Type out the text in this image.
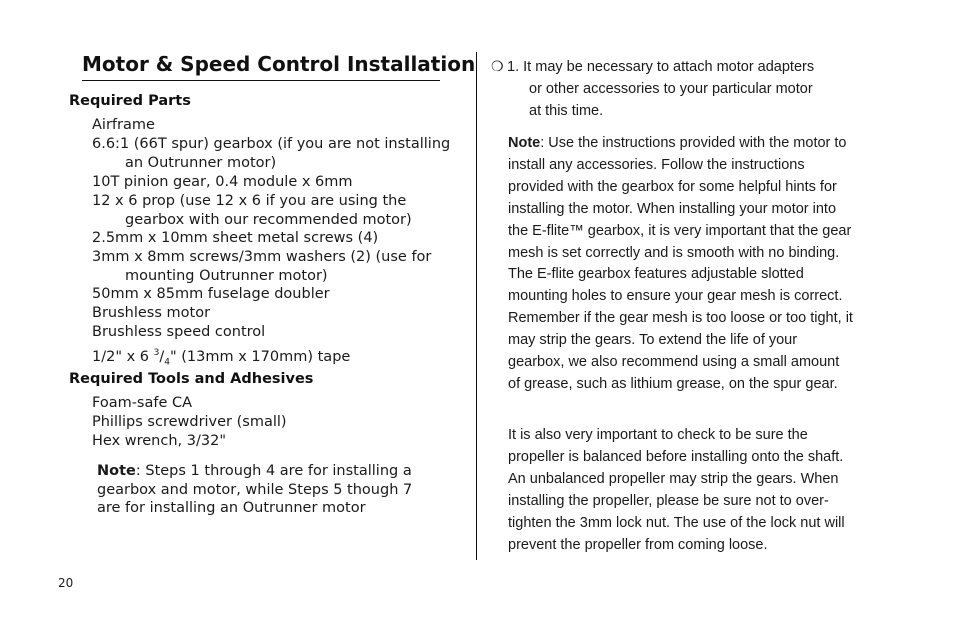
Motor & Speed Control Installation
Required Parts
Airframe
6.6:1 (66T spur) gearbox (if you are not installing
an Outrunner motor)
10T pinion gear, 0.4 module x 6mm
12 x 6 prop (use 12 x 6 if you are using the
gearbox with our recommended motor)
2.5mm x 10mm sheet metal screws (4)
3mm x 8mm screws/3mm washers (2) (use for
mounting Outrunner motor)
50mm x 85mm fuselage doubler
Brushless motor
Brushless speed control
1/2" x 6 $^3/_4$" (13mm x 170mm) tape
Required Tools and Adhesives
Foam-safe CA
Phillips screwdriver (small)
Hex wrench, 3/32"
Note: Steps 1 through 4 are for installing a gearbox and motor, while Steps 5 though 7 are for installing an Outrunner motor
❍ 1. It may be necessary to attach motor adapters
or other accessories to your particular motor
at this time.
Note: Use the instructions provided with the motor to install any accessories. Follow the instructions provided with the gearbox for some helpful hints for installing the motor. When installing your motor into the E-flite™ gearbox, it is very important that the gear mesh is set correctly and is smooth with no binding. The E-flite gearbox features adjustable slotted mounting holes to ensure your gear mesh is correct. Remember if the gear mesh is too loose or too tight, it may strip the gears. To extend the life of your gearbox, we also recommend using a small amount of grease, such as lithium grease, on the spur gear.
It is also very important to check to be sure the propeller is balanced before installing onto the shaft. An unbalanced propeller may strip the gears. When installing the propeller, please be sure not to over-tighten the 3mm lock nut. The use of the lock nut will prevent the propeller from coming loose.
20
